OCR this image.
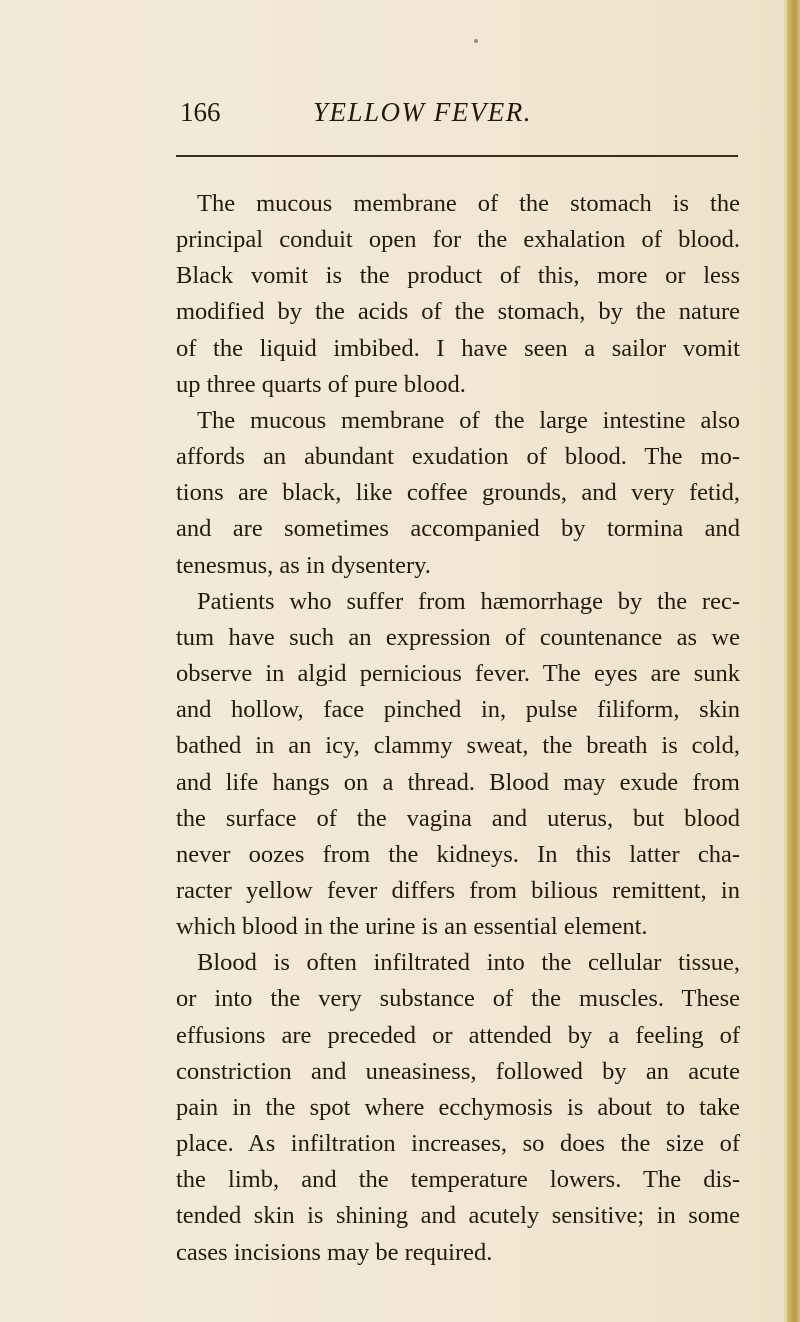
166	YELLOW FEVER.
The mucous membrane of the stomach is the
principal conduit open for the exhalation of blood.
Black vomit is the product of this, more or less
modified by the acids of the stomach, by the nature
of the liquid imbibed. I have seen a sailor vomit
up three quarts of pure blood.
The mucous membrane of the large intestine also
affords an abundant exudation of blood. The mo-
tions are black, like coffee grounds, and very fetid,
and are sometimes accompanied by tormina and
tenesmus, as in dysentery.
Patients who suffer from hæmorrhage by the rec-
tum have such an expression of countenance as we
observe in algid pernicious fever. The eyes are sunk
and hollow, face pinched in, pulse filiform, skin
bathed in an icy, clammy sweat, the breath is cold,
and life hangs on a thread. Blood may exude from
the surface of the vagina and uterus, but blood
never oozes from the kidneys. In this latter cha-
racter yellow fever differs from bilious remittent, in
which blood in the urine is an essential element.
Blood is often infiltrated into the cellular tissue,
or into the very substance of the muscles. These
effusions are preceded or attended by a feeling of
constriction and uneasiness, followed by an acute
pain in the spot where ecchymosis is about to take
place. As infiltration increases, so does the size of
the limb, and the temperature lowers. The dis-
tended skin is shining and acutely sensitive; in some
cases incisions may be required.
